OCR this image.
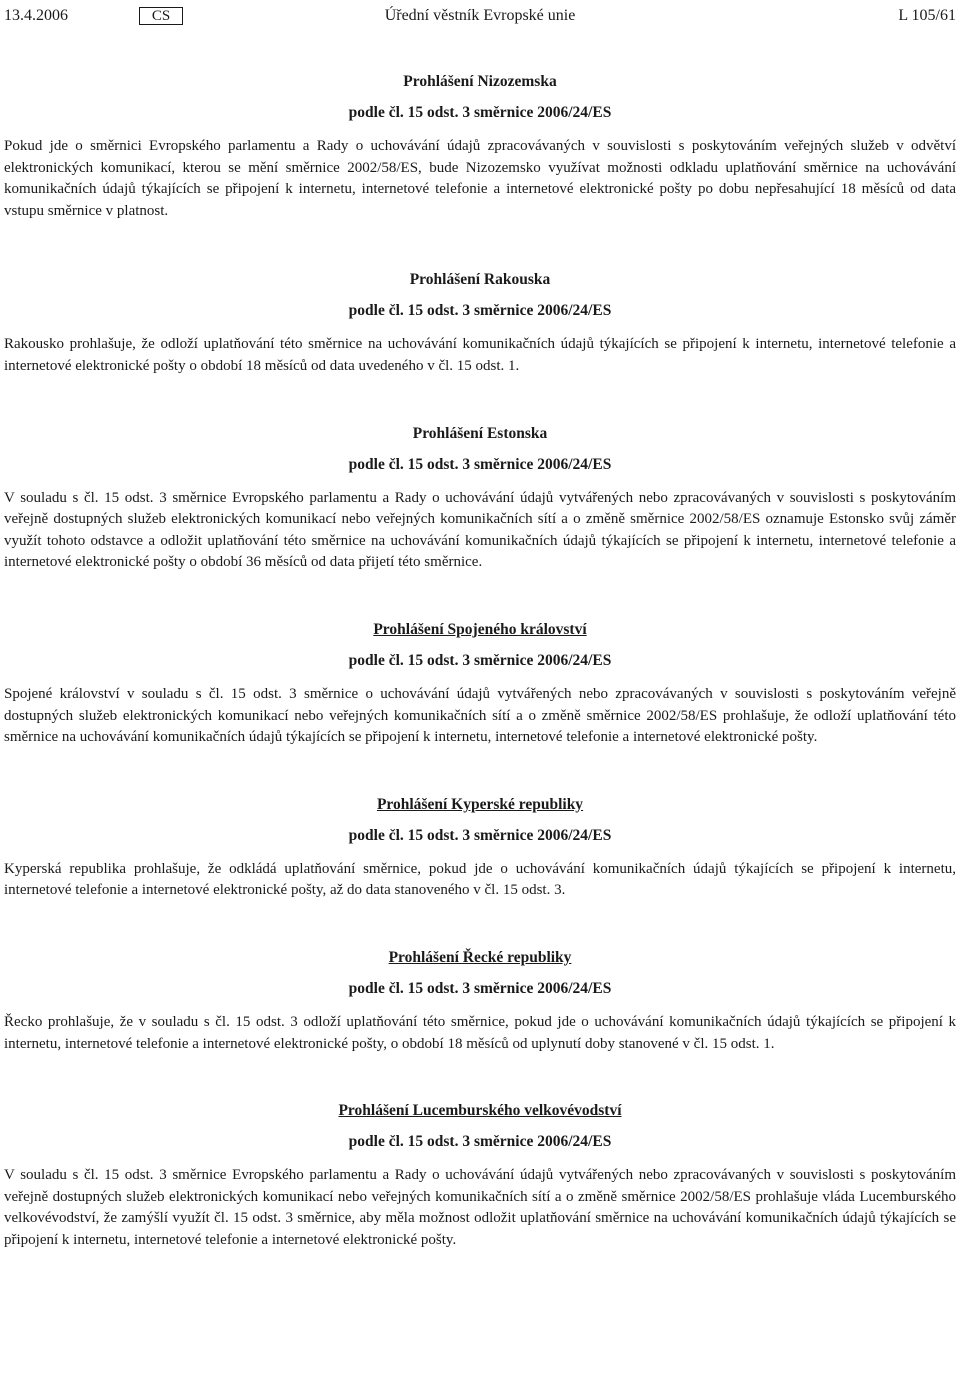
13.4.2006	CS	Úřední věstník Evropské unie	L 105/61
Prohlášení Nizozemska
podle čl. 15 odst. 3 směrnice 2006/24/ES

Pokud jde o směrnici Evropského parlamentu a Rady o uchovávání údajů zpracovávaných v souvislosti s poskytováním veřejných služeb v odvětví elektronických komunikací, kterou se mění směrnice 2002/58/ES, bude Nizozemsko využívat možnosti odkladu uplatňování směrnice na uchovávání komunikačních údajů týkajících se připojení k internetu, internetové telefonie a internetové elektronické pošty po dobu nepřesahující 18 měsíců od data vstupu směrnice v platnost.

Prohlášení Rakouska
podle čl. 15 odst. 3 směrnice 2006/24/ES

Rakousko prohlašuje, že odloží uplatňování této směrnice na uchovávání komunikačních údajů týkajících se připojení k internetu, internetové telefonie a internetové elektronické pošty o období 18 měsíců od data uvedeného v čl. 15 odst. 1.

Prohlášení Estonska
podle čl. 15 odst. 3 směrnice 2006/24/ES

V souladu s čl. 15 odst. 3 směrnice Evropského parlamentu a Rady o uchovávání údajů vytvářených nebo zpracovávaných v souvislosti s poskytováním veřejně dostupných služeb elektronických komunikací nebo veřejných komunikačních sítí a o změně směrnice 2002/58/ES oznamuje Estonsko svůj záměr využít tohoto odstavce a odložit uplatňování této směrnice na uchovávání komunikačních údajů týkajících se připojení k internetu, internetové telefonie a internetové elektronické pošty o období 36 měsíců od data přijetí této směrnice.

Prohlášení Spojeného království
podle čl. 15 odst. 3 směrnice 2006/24/ES

Spojené království v souladu s čl. 15 odst. 3 směrnice o uchovávání údajů vytvářených nebo zpracovávaných v souvislosti s poskytováním veřejně dostupných služeb elektronických komunikací nebo veřejných komunikačních sítí a o změně směrnice 2002/58/ES prohlašuje, že odloží uplatňování této směrnice na uchovávání komunikačních údajů týkajících se připojení k internetu, internetové telefonie a internetové elektronické pošty.

Prohlášení Kyperské republiky
podle čl. 15 odst. 3 směrnice 2006/24/ES

Kyperská republika prohlašuje, že odkládá uplatňování směrnice, pokud jde o uchovávání komunikačních údajů týkajících se připojení k internetu, internetové telefonie a internetové elektronické pošty, až do data stanoveného v čl. 15 odst. 3.

Prohlášení Řecké republiky
podle čl. 15 odst. 3 směrnice 2006/24/ES

Řecko prohlašuje, že v souladu s čl. 15 odst. 3 odloží uplatňování této směrnice, pokud jde o uchovávání komunikačních údajů týkajících se připojení k internetu, internetové telefonie a internetové elektronické pošty, o období 18 měsíců od uplynutí doby stanovené v čl. 15 odst. 1.

Prohlášení Lucemburského velkovévodství
podle čl. 15 odst. 3 směrnice 2006/24/ES

V souladu s čl. 15 odst. 3 směrnice Evropského parlamentu a Rady o uchovávání údajů vytvářených nebo zpracovávaných v souvislosti s poskytováním veřejně dostupných služeb elektronických komunikací nebo veřejných komunikačních sítí a o změně směrnice 2002/58/ES prohlašuje vláda Lucemburského velkovévodství, že zamýšlí využít čl. 15 odst. 3 směrnice, aby měla možnost odložit uplatňování směrnice na uchovávání komunikačních údajů týkajících se připojení k internetu, internetové telefonie a internetové elektronické pošty.
